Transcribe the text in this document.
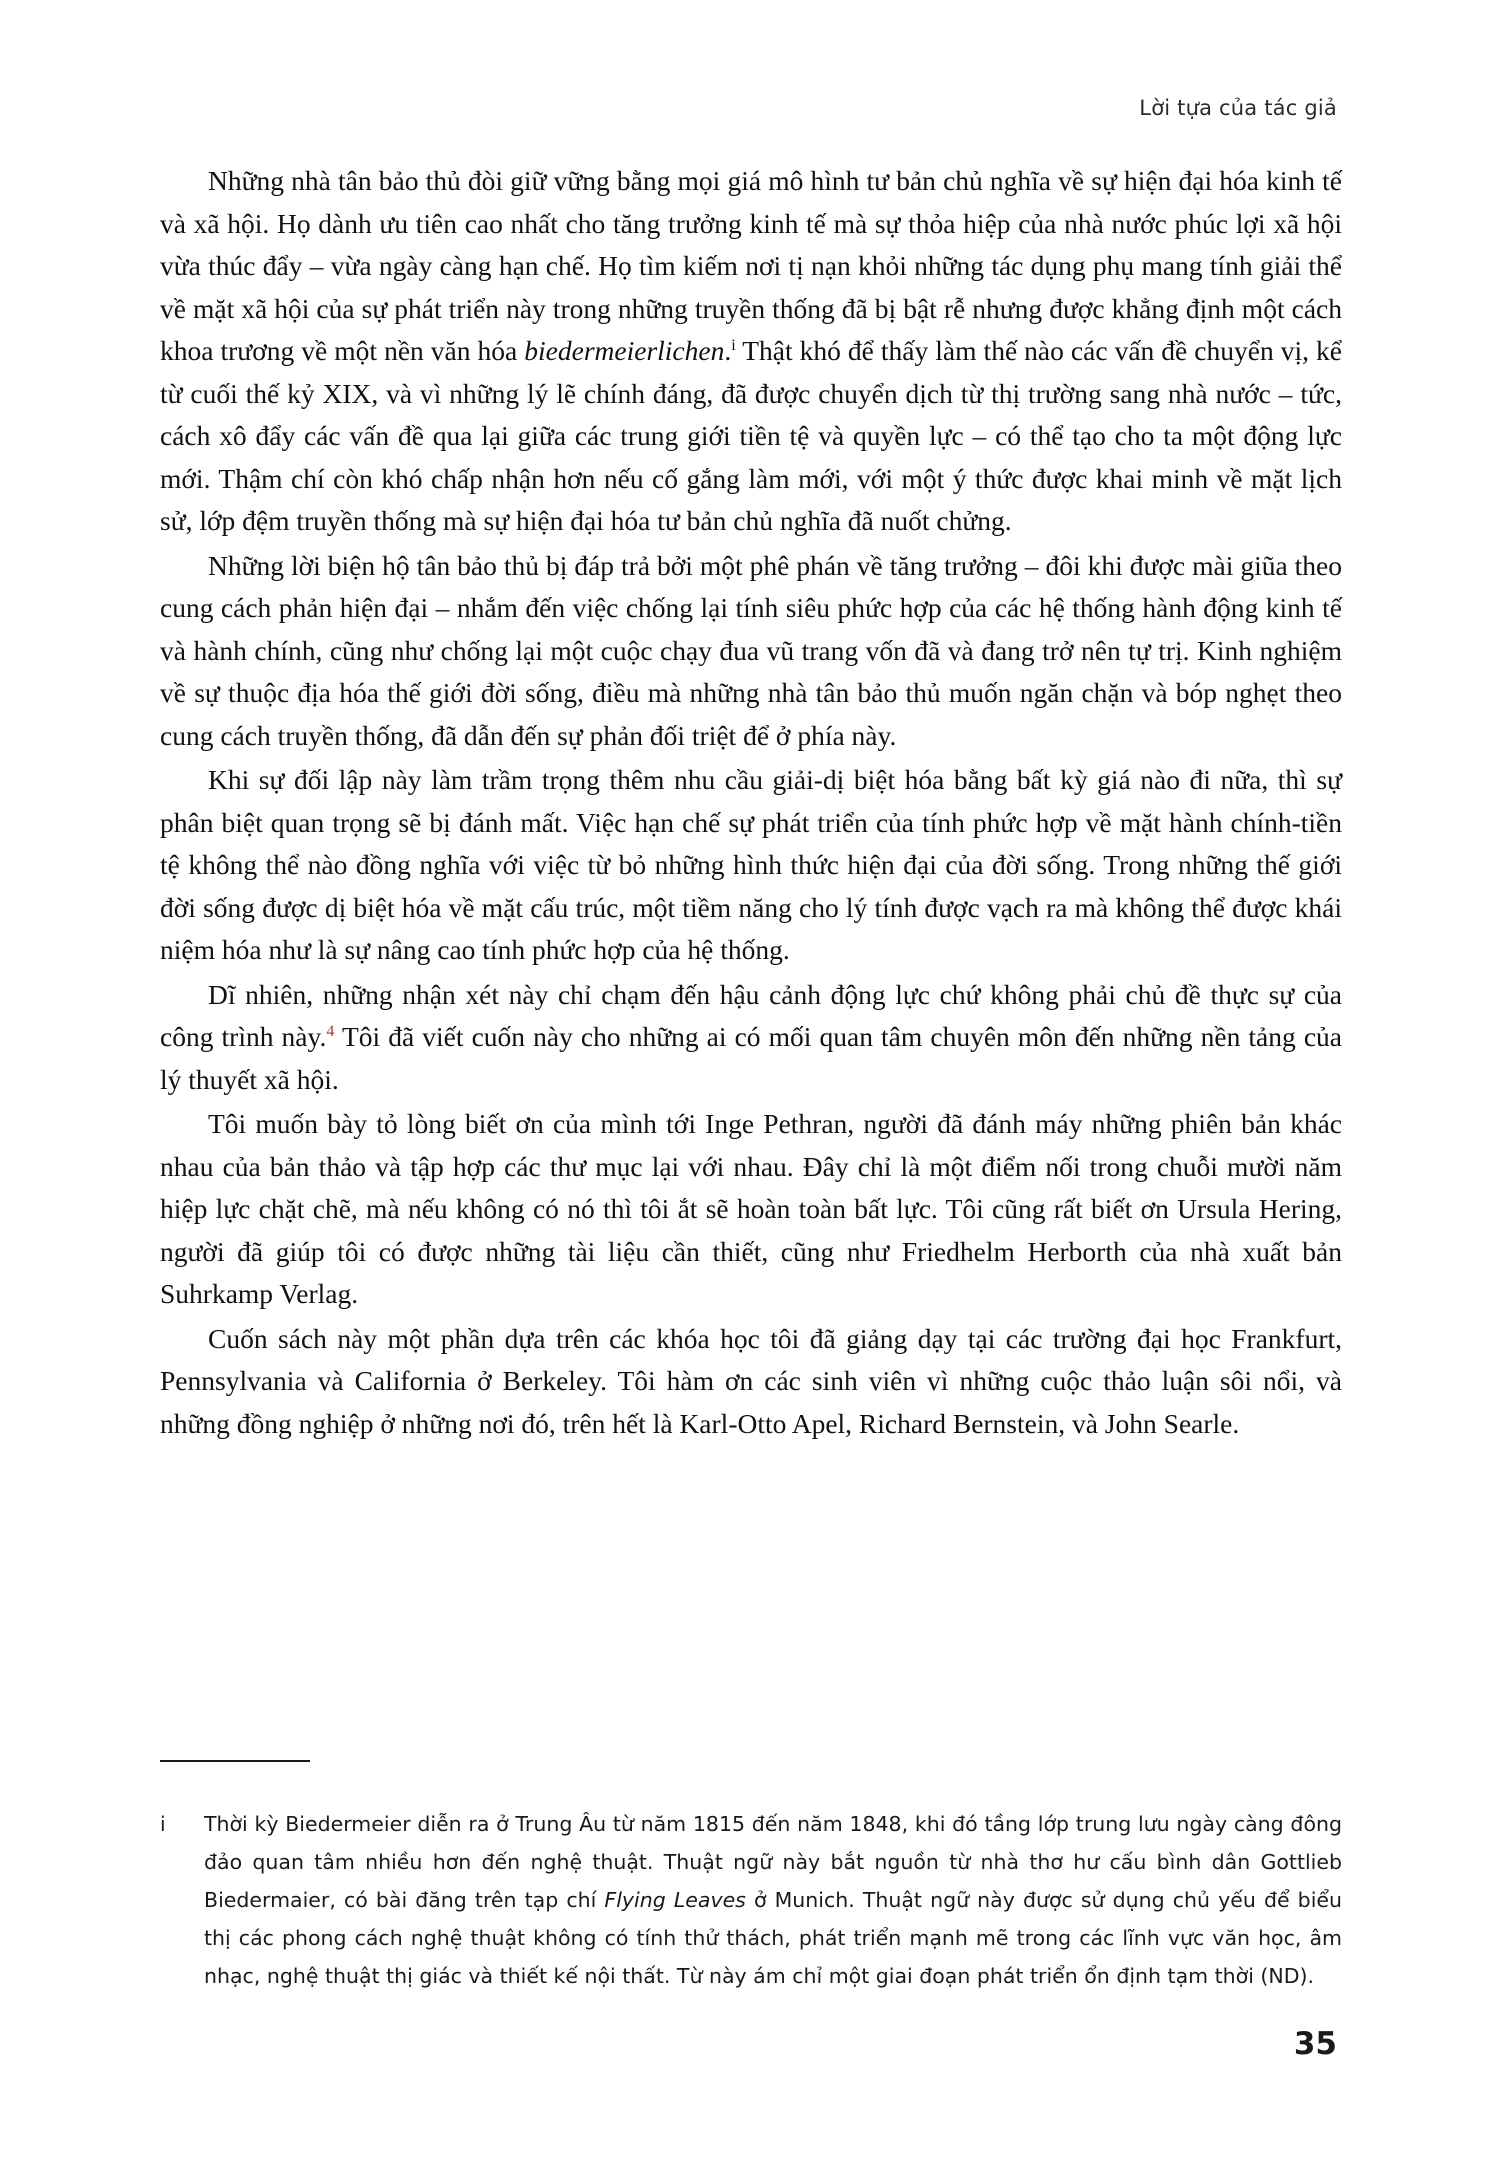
Lời tựa của tác giả

Những nhà tân bảo thủ đòi giữ vững bằng mọi giá mô hình tư bản chủ nghĩa về sự hiện đại hóa kinh tế và xã hội. Họ dành ưu tiên cao nhất cho tăng trưởng kinh tế mà sự thỏa hiệp của nhà nước phúc lợi xã hội vừa thúc đẩy – vừa ngày càng hạn chế. Họ tìm kiếm nơi tị nạn khỏi những tác dụng phụ mang tính giải thể về mặt xã hội của sự phát triển này trong những truyền thống đã bị bật rễ nhưng được khẳng định một cách khoa trương về một nền văn hóa biedermeierlichen.$^i$ Thật khó để thấy làm thế nào các vấn đề chuyển vị, kể từ cuối thế kỷ XIX, và vì những lý lẽ chính đáng, đã được chuyển dịch từ thị trường sang nhà nước – tức, cách xô đẩy các vấn đề qua lại giữa các trung giới tiền tệ và quyền lực – có thể tạo cho ta một động lực mới. Thậm chí còn khó chấp nhận hơn nếu cố gắng làm mới, với một ý thức được khai minh về mặt lịch sử, lớp đệm truyền thống mà sự hiện đại hóa tư bản chủ nghĩa đã nuốt chửng.

Những lời biện hộ tân bảo thủ bị đáp trả bởi một phê phán về tăng trưởng – đôi khi được mài giũa theo cung cách phản hiện đại – nhắm đến việc chống lại tính siêu phức hợp của các hệ thống hành động kinh tế và hành chính, cũng như chống lại một cuộc chạy đua vũ trang vốn đã và đang trở nên tự trị. Kinh nghiệm về sự thuộc địa hóa thế giới đời sống, điều mà những nhà tân bảo thủ muốn ngăn chặn và bóp nghẹt theo cung cách truyền thống, đã dẫn đến sự phản đối triệt để ở phía này.

Khi sự đối lập này làm trầm trọng thêm nhu cầu giải-dị biệt hóa bằng bất kỳ giá nào đi nữa, thì sự phân biệt quan trọng sẽ bị đánh mất. Việc hạn chế sự phát triển của tính phức hợp về mặt hành chính-tiền tệ không thể nào đồng nghĩa với việc từ bỏ những hình thức hiện đại của đời sống. Trong những thế giới đời sống được dị biệt hóa về mặt cấu trúc, một tiềm năng cho lý tính được vạch ra mà không thể được khái niệm hóa như là sự nâng cao tính phức hợp của hệ thống.

Dĩ nhiên, những nhận xét này chỉ chạm đến hậu cảnh động lực chứ không phải chủ đề thực sự của công trình này.$^4$ Tôi đã viết cuốn này cho những ai có mối quan tâm chuyên môn đến những nền tảng của lý thuyết xã hội.

Tôi muốn bày tỏ lòng biết ơn của mình tới Inge Pethran, người đã đánh máy những phiên bản khác nhau của bản thảo và tập hợp các thư mục lại với nhau. Đây chỉ là một điểm nối trong chuỗi mười năm hiệp lực chặt chẽ, mà nếu không có nó thì tôi ắt sẽ hoàn toàn bất lực. Tôi cũng rất biết ơn Ursula Hering, người đã giúp tôi có được những tài liệu cần thiết, cũng như Friedhelm Herborth của nhà xuất bản Suhrkamp Verlag.

Cuốn sách này một phần dựa trên các khóa học tôi đã giảng dạy tại các trường đại học Frankfurt, Pennsylvania và California ở Berkeley. Tôi hàm ơn các sinh viên vì những cuộc thảo luận sôi nổi, và những đồng nghiệp ở những nơi đó, trên hết là Karl-Otto Apel, Richard Bernstein, và John Searle.

i	Thời kỳ Biedermeier diễn ra ở Trung Âu từ năm 1815 đến năm 1848, khi đó tầng lớp trung lưu ngày càng đông đảo quan tâm nhiều hơn đến nghệ thuật. Thuật ngữ này bắt nguồn từ nhà thơ hư cấu bình dân Gottlieb Biedermaier, có bài đăng trên tạp chí Flying Leaves ở Munich. Thuật ngữ này được sử dụng chủ yếu để biểu thị các phong cách nghệ thuật không có tính thử thách, phát triển mạnh mẽ trong các lĩnh vực văn học, âm nhạc, nghệ thuật thị giác và thiết kế nội thất. Từ này ám chỉ một giai đoạn phát triển ổn định tạm thời (ND).
35
